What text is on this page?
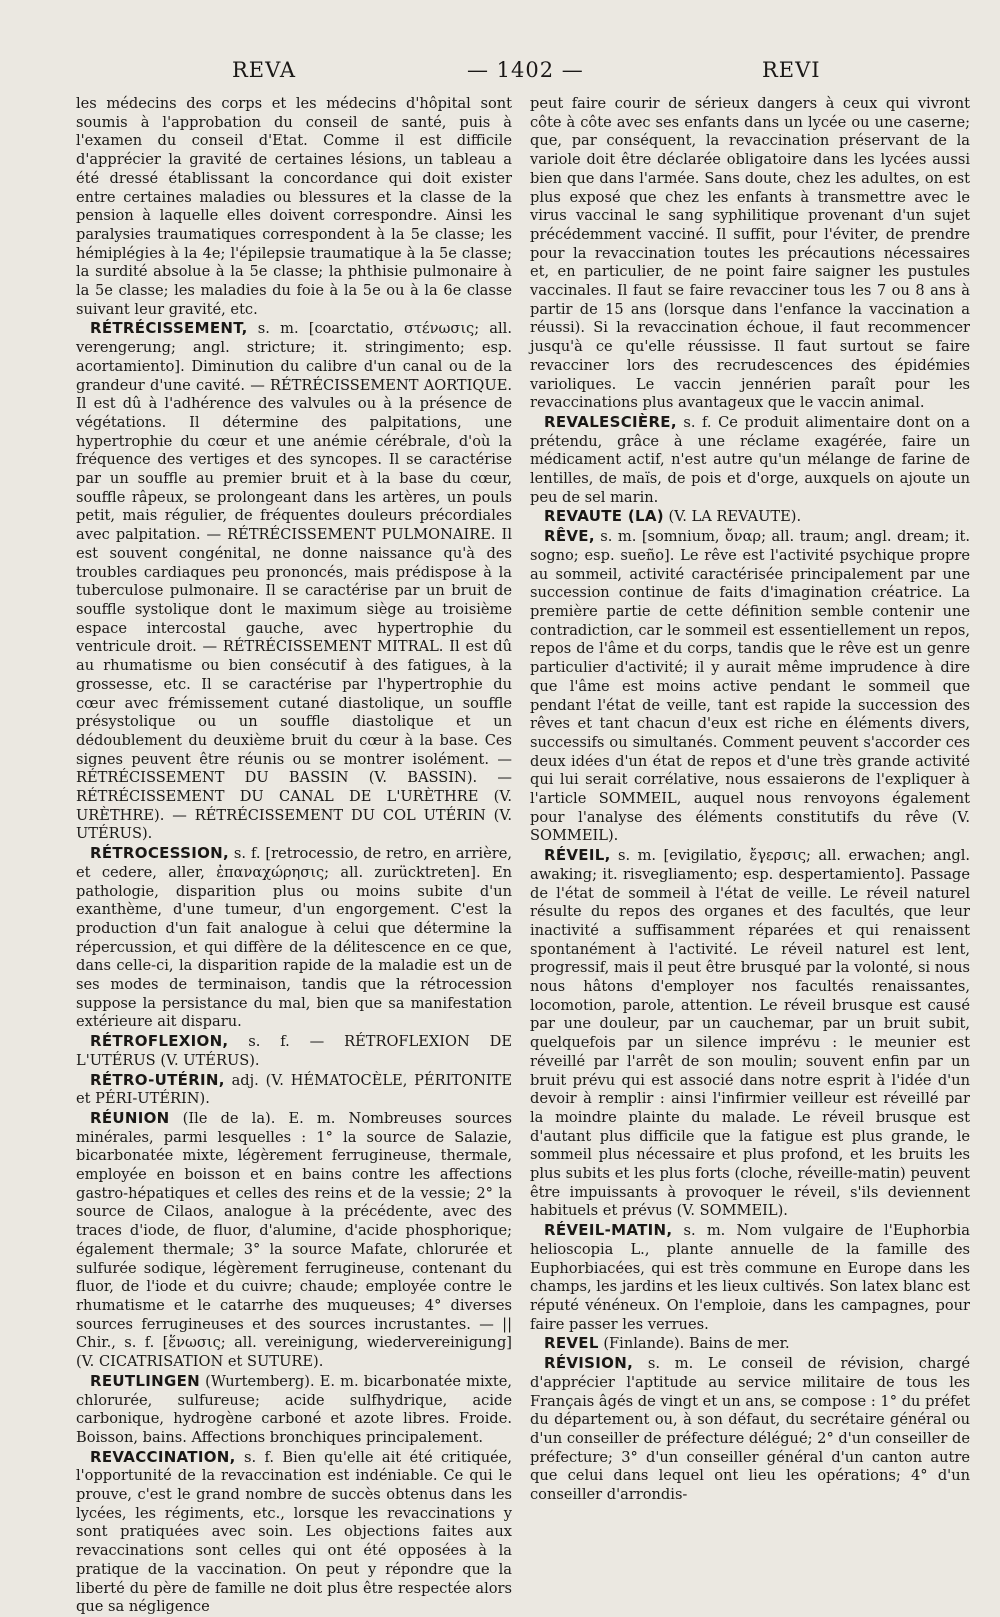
REVA	— 1402 —	REVI

les médecins des corps et les médecins d'hôpital sont soumis à l'approbation du conseil de santé, puis à l'examen du conseil d'Etat. Comme il est difficile d'apprécier la gravité de certaines lésions, un tableau a été dressé établissant la concordance qui doit exister entre certaines maladies ou blessures et la classe de la pension à laquelle elles doivent correspondre. Ainsi les paralysies traumatiques correspondent à la 5e classe; les hémiplégies à la 4e; l'épilepsie traumatique à la 5e classe; la surdité absolue à la 5e classe; la phthisie pulmonaire à la 5e classe; les maladies du foie à la 5e ou à la 6e classe suivant leur gravité, etc.

RÉTRÉCISSEMENT, s. m. [coarctatio, στένωσις; all. verengerung; angl. stricture; it. stringimento; esp. acortamiento]. Diminution du calibre d'un canal ou de la grandeur d'une cavité. — RÉTRÉCISSEMENT AORTIQUE. Il est dû à l'adhérence des valvules ou à la présence de végétations. Il détermine des palpitations, une hypertrophie du cœur et une anémie cérébrale, d'où la fréquence des vertiges et des syncopes. Il se caractérise par un souffle au premier bruit et à la base du cœur, souffle râpeux, se prolongeant dans les artères, un pouls petit, mais régulier, de fréquentes douleurs précordiales avec palpitation. — RÉTRÉCISSEMENT PULMONAIRE. Il est souvent congénital, ne donne naissance qu'à des troubles cardiaques peu prononcés, mais prédispose à la tuberculose pulmonaire. Il se caractérise par un bruit de souffle systolique dont le maximum siège au troisième espace intercostal gauche, avec hypertrophie du ventricule droit. — RÉTRÉCISSEMENT MITRAL. Il est dû au rhumatisme ou bien consécutif à des fatigues, à la grossesse, etc. Il se caractérise par l'hypertrophie du cœur avec frémissement cutané diastolique, un souffle présystolique ou un souffle diastolique et un dédoublement du deuxième bruit du cœur à la base. Ces signes peuvent être réunis ou se montrer isolément. — RÉTRÉCISSEMENT DU BASSIN (V. BASSIN). — RÉTRÉCISSEMENT DU CANAL DE L'URÈTHRE (V. URÈTHRE). — RÉTRÉCISSEMENT DU COL UTÉRIN (V. UTÉRUS).

RÉTROCESSION, s. f. [retrocessio, de retro, en arrière, et cedere, aller, ἐπαναχώρησις; all. zurücktreten]. En pathologie, disparition plus ou moins subite d'un exanthème, d'une tumeur, d'un engorgement. C'est la production d'un fait analogue à celui que détermine la répercussion, et qui diffère de la délitescence en ce que, dans celle-ci, la disparition rapide de la maladie est un de ses modes de terminaison, tandis que la rétrocession suppose la persistance du mal, bien que sa manifestation extérieure ait disparu.

RÉTROFLEXION, s. f. — RÉTROFLEXION DE L'UTÉRUS (V. UTÉRUS).

RÉTRO-UTÉRIN, adj. (V. HÉMATOCÈLE, PÉRITONITE et PÉRI-UTÉRIN).

RÉUNION (Ile de la). E. m. Nombreuses sources minérales, parmi lesquelles : 1° la source de Salazie, bicarbonatée mixte, légèrement ferrugineuse, thermale, employée en boisson et en bains contre les affections gastro-hépatiques et celles des reins et de la vessie; 2° la source de Cilaos, analogue à la précédente, avec des traces d'iode, de fluor, d'alumine, d'acide phosphorique; également thermale; 3° la source Mafate, chlorurée et sulfurée sodique, légèrement ferrugineuse, contenant du fluor, de l'iode et du cuivre; chaude; employée contre le rhumatisme et le catarrhe des muqueuses; 4° diverses sources ferrugineuses et des sources incrustantes. — || Chir., s. f. [ἕνωσις; all. vereinigung, wiedervereinigung] (V. CICATRISATION et SUTURE).

REUTLINGEN (Wurtemberg). E. m. bicarbonatée mixte, chlorurée, sulfureuse; acide sulfhydrique, acide carbonique, hydrogène carboné et azote libres. Froide. Boisson, bains. Affections bronchiques principalement.

REVACCINATION, s. f. Bien qu'elle ait été critiquée, l'opportunité de la revaccination est indéniable. Ce qui le prouve, c'est le grand nombre de succès obtenus dans les lycées, les régiments, etc., lorsque les revaccinations y sont pratiquées avec soin. Les objections faites aux revaccinations sont celles qui ont été opposées à la pratique de la vaccination. On peut y répondre que la liberté du père de famille ne doit plus être respectée alors que sa négligence

peut faire courir de sérieux dangers à ceux qui vivront côte à côte avec ses enfants dans un lycée ou une caserne; que, par conséquent, la revaccination préservant de la variole doit être déclarée obligatoire dans les lycées aussi bien que dans l'armée. Sans doute, chez les adultes, on est plus exposé que chez les enfants à transmettre avec le virus vaccinal le sang syphilitique provenant d'un sujet précédemment vacciné. Il suffit, pour l'éviter, de prendre pour la revaccination toutes les précautions nécessaires et, en particulier, de ne point faire saigner les pustules vaccinales. Il faut se faire revacciner tous les 7 ou 8 ans à partir de 15 ans (lorsque dans l'enfance la vaccination a réussi). Si la revaccination échoue, il faut recommencer jusqu'à ce qu'elle réussisse. Il faut surtout se faire revacciner lors des recrudescences des épidémies varioliques. Le vaccin jennérien paraît pour les revaccinations plus avantageux que le vaccin animal.

REVALESCIÈRE, s. f. Ce produit alimentaire dont on a prétendu, grâce à une réclame exagérée, faire un médicament actif, n'est autre qu'un mélange de farine de lentilles, de maïs, de pois et d'orge, auxquels on ajoute un peu de sel marin.

REVAUTE (LA) (V. LA REVAUTE).

RÊVE, s. m. [somnium, ὄναρ; all. traum; angl. dream; it. sogno; esp. sueño]. Le rêve est l'activité psychique propre au sommeil, activité caractérisée principalement par une succession continue de faits d'imagination créatrice. La première partie de cette définition semble contenir une contradiction, car le sommeil est essentiellement un repos, repos de l'âme et du corps, tandis que le rêve est un genre particulier d'activité; il y aurait même imprudence à dire que l'âme est moins active pendant le sommeil que pendant l'état de veille, tant est rapide la succession des rêves et tant chacun d'eux est riche en éléments divers, successifs ou simultanés. Comment peuvent s'accorder ces deux idées d'un état de repos et d'une très grande activité qui lui serait corrélative, nous essaierons de l'expliquer à l'article SOMMEIL, auquel nous renvoyons également pour l'analyse des éléments constitutifs du rêve (V. SOMMEIL).

RÉVEIL, s. m. [evigilatio, ἔγερσις; all. erwachen; angl. awaking; it. risvegliamento; esp. despertamiento]. Passage de l'état de sommeil à l'état de veille. Le réveil naturel résulte du repos des organes et des facultés, que leur inactivité a suffisamment réparées et qui renaissent spontanément à l'activité. Le réveil naturel est lent, progressif, mais il peut être brusqué par la volonté, si nous nous hâtons d'employer nos facultés renaissantes, locomotion, parole, attention. Le réveil brusque est causé par une douleur, par un cauchemar, par un bruit subit, quelquefois par un silence imprévu : le meunier est réveillé par l'arrêt de son moulin; souvent enfin par un bruit prévu qui est associé dans notre esprit à l'idée d'un devoir à remplir : ainsi l'infirmier veilleur est réveillé par la moindre plainte du malade. Le réveil brusque est d'autant plus difficile que la fatigue est plus grande, le sommeil plus nécessaire et plus profond, et les bruits les plus subits et les plus forts (cloche, réveille-matin) peuvent être impuissants à provoquer le réveil, s'ils deviennent habituels et prévus (V. SOMMEIL).

RÉVEIL-MATIN, s. m. Nom vulgaire de l'Euphorbia helioscopia L., plante annuelle de la famille des Euphorbiacées, qui est très commune en Europe dans les champs, les jardins et les lieux cultivés. Son latex blanc est réputé vénéneux. On l'emploie, dans les campagnes, pour faire passer les verrues.

REVEL (Finlande). Bains de mer.

RÉVISION, s. m. Le conseil de révision, chargé d'apprécier l'aptitude au service militaire de tous les Français âgés de vingt et un ans, se compose : 1° du préfet du département ou, à son défaut, du secrétaire général ou d'un conseiller de préfecture délégué; 2° d'un conseiller de préfecture; 3° d'un conseiller général d'un canton autre que celui dans lequel ont lieu les opérations; 4° d'un conseiller d'arrondis-
